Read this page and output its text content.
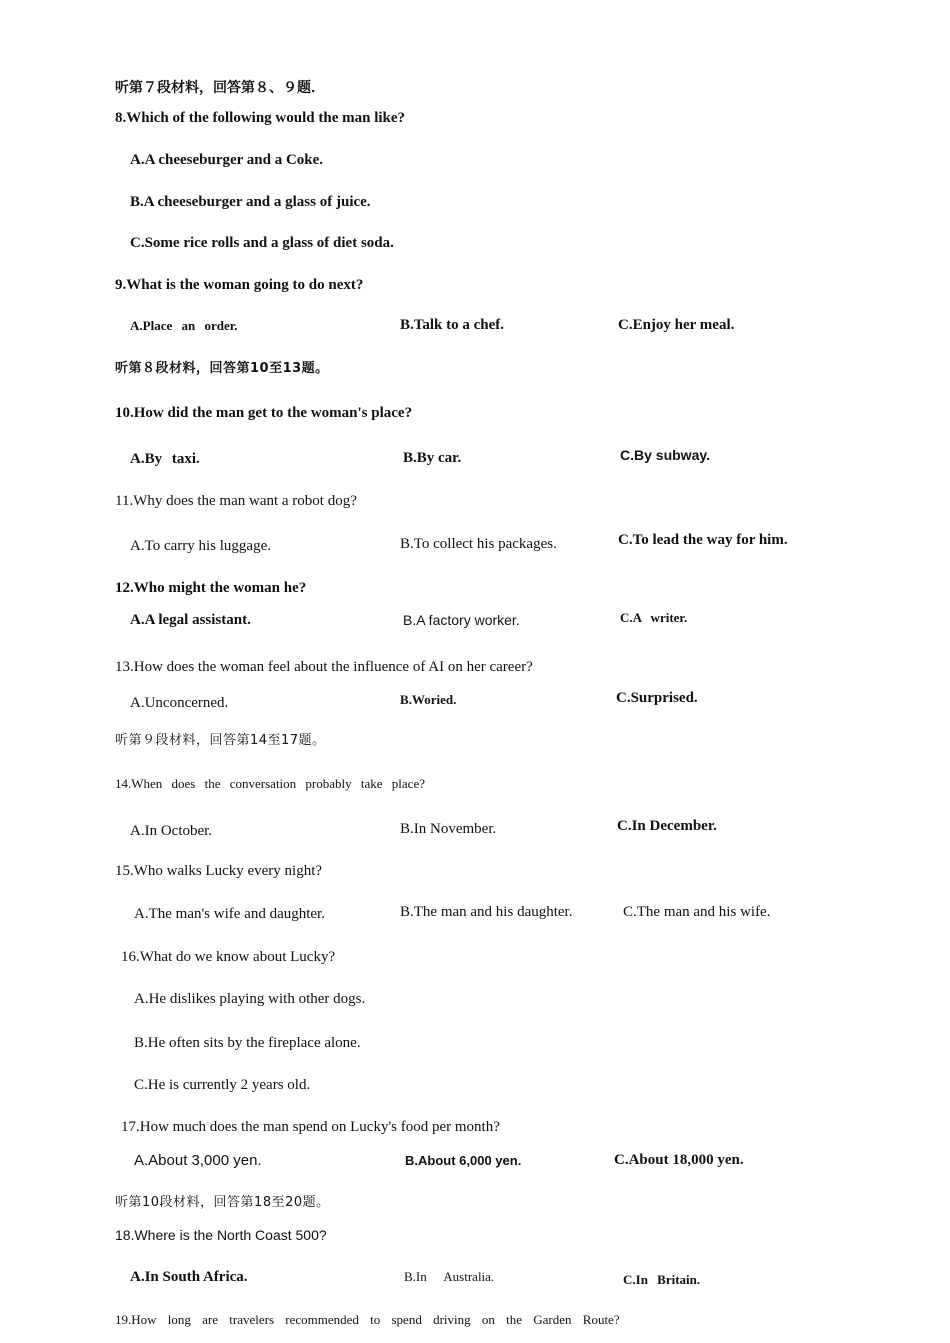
听第７段材料，回答第８、９题．
8.Which of the following would the man like?
A.A cheeseburger and a Coke.
B.A cheeseburger and a glass of juice.
C.Some rice rolls and a glass of diet soda.
9.What is the woman going to do next?
A.Place an order.	B.Talk to a chef.	C.Enjoy her meal.
听第８段材料，回答第10至13题。
10.How did the man get to the woman's place?
A.By taxi.	B.By car.	C.By subway.
11.Why does the man want a robot dog?
A.To carry his luggage.	B.To collect his packages.	C.To lead the way for him.
12.Who might the woman he?
A.A legal assistant.	B.A factory worker.	C.A writer.
13.How does the woman feel about the influence of AI on her career?
A.Unconcerned.	B.Woried.	C.Surprised.
听第９段材料，回答第14至17题。
14.When does the conversation probably take place?
A.In October.	B.In November.	C.In December.
15.Who walks Lucky every night?
A.The man's wife and daughter.	B.The man and his daughter.	C.The man and his wife.
16.What do we know about Lucky?
A.He dislikes playing with other dogs.
B.He often sits by the fireplace alone.
C.He is currently 2 years old.
17.How much does the man spend on Lucky's food per month?
A.About 3,000 yen.	B.About 6,000 yen.	C.About 18,000 yen.
听第10段材料，回答第18至20题。
18.Where is the North Coast 500?
A.In South Africa.	B.In Australia.	C.In Britain.
19.How long are travelers recommended to spend driving on the Garden Route?
